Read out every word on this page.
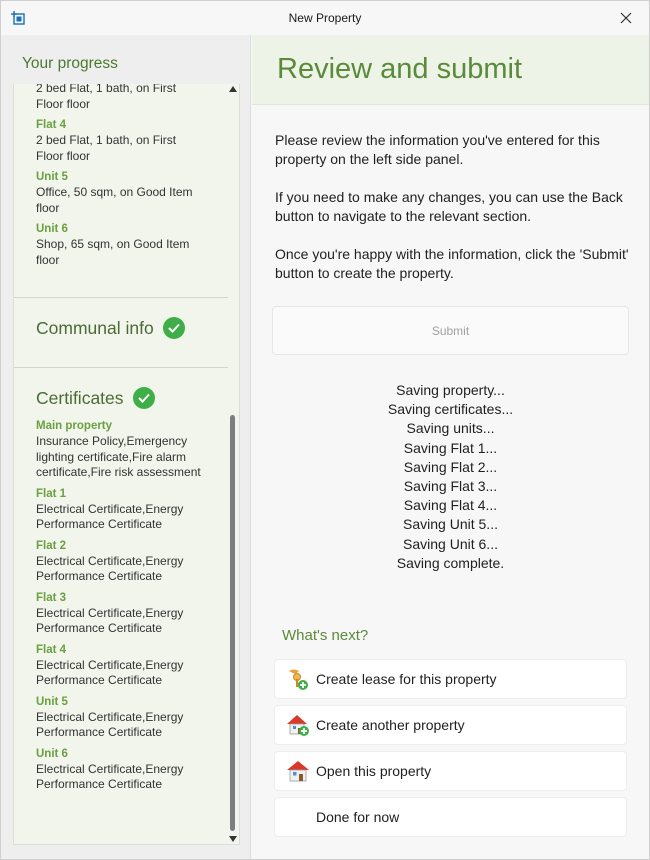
New Property
Your progress
2 bed Flat, 1 bath, on First Floor floor
Flat 4
2 bed Flat, 1 bath, on First Floor floor
Unit 5
Office, 50 sqm, on Good Item floor
Unit 6
Shop, 65 sqm, on Good Item floor
Communal info
Certificates
Main property
Insurance Policy,Emergency lighting certificate,Fire alarm certificate,Fire risk assessment
Flat 1
Electrical Certificate,Energy Performance Certificate
Flat 2
Electrical Certificate,Energy Performance Certificate
Flat 3
Electrical Certificate,Energy Performance Certificate
Flat 4
Electrical Certificate,Energy Performance Certificate
Unit 5
Electrical Certificate,Energy Performance Certificate
Unit 6
Electrical Certificate,Energy Performance Certificate
Review and submit
Please review the information you've entered for this property on the left side panel.
If you need to make any changes, you can use the Back button to navigate to the relevant section.
Once you're happy with the information, click the 'Submit' button to create the property.
Submit
Saving property...
Saving certificates...
Saving units...
Saving Flat 1...
Saving Flat 2...
Saving Flat 3...
Saving Flat 4...
Saving Unit 5...
Saving Unit 6...
Saving complete.
What's next?
Create lease for this property
Create another property
Open this property
Done for now
